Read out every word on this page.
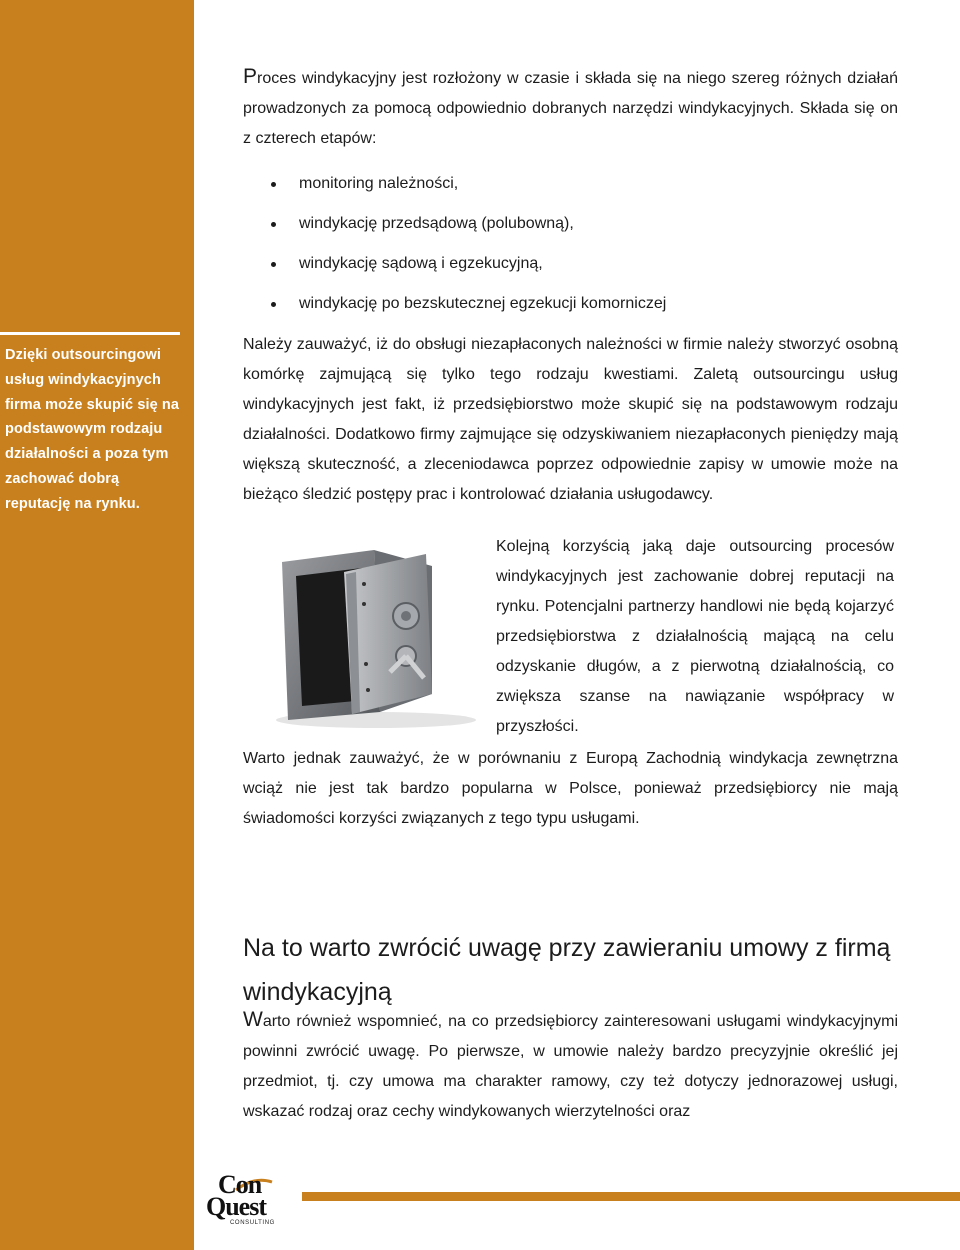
Dzięki outsourcingowi usług windykacyjnych firma może skupić się na podstawowym rodzaju działalności a poza tym zachować dobrą reputację na rynku.
Proces windykacyjny jest rozłożony w czasie i składa się na niego szereg różnych działań prowadzonych za pomocą odpowiednio dobranych narzędzi windykacyjnych. Składa się on z czterech etapów:
monitoring należności,
windykację przedsądową (polubowną),
windykację sądową i egzekucyjną,
windykację po bezskutecznej egzekucji komorniczej
Należy zauważyć, iż do obsługi niezapłaconych należności w firmie należy stworzyć osobną komórkę zajmującą się tylko tego rodzaju kwestiami. Zaletą outsourcingu usług windykacyjnych jest fakt, iż przedsiębiorstwo może skupić się na podstawowym rodzaju działalności. Dodatkowo firmy zajmujące się odzyskiwaniem niezapłaconych pieniędzy mają większą skuteczność, a zleceniodawca poprzez odpowiednie zapisy w umowie może na bieżąco śledzić postępy prac i kontrolować działania usługodawcy.
Kolejną korzyścią jaką daje outsourcing procesów windykacyjnych jest zachowanie dobrej reputacji na rynku. Potencjalni partnerzy handlowi nie będą kojarzyć przedsiębiorstwa z działalnością mającą na celu odzyskanie długów, a z pierwotną działalnością, co zwiększa szanse na nawiązanie współpracy w przyszłości.
Warto jednak zauważyć, że w porównaniu z Europą Zachodnią windykacja zewnętrzna wciąż nie jest tak bardzo popularna w Polsce, ponieważ przedsiębiorcy nie mają świadomości korzyści związanych z tego typu usługami.
Na to warto zwrócić uwagę przy zawieraniu umowy z firmą windykacyjną
Warto również wspomnieć, na co przedsiębiorcy zainteresowani usługami windykacyjnymi powinni zwrócić uwagę. Po pierwsze, w umowie należy bardzo precyzyjnie określić jej przedmiot, tj. czy umowa ma charakter ramowy, czy też dotyczy jednorazowej usługi, wskazać rodzaj oraz cechy windykowanych wierzytelności oraz
Con
Quest
CONSULTING
